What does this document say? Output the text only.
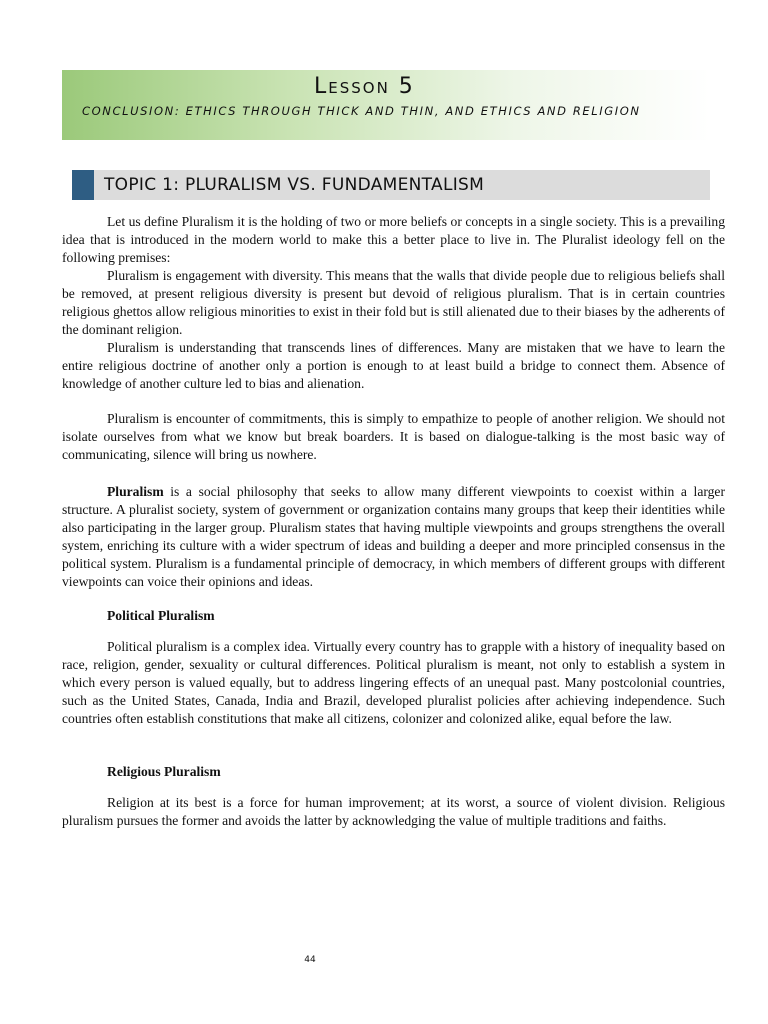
Lesson 5
CONCLUSION: ETHICS THROUGH THICK AND THIN, AND ETHICS AND RELIGION
TOPIC 1: PLURALISM VS. FUNDAMENTALISM

Let us define Pluralism it is the holding of two or more beliefs or concepts in a single society. This is a prevailing idea that is introduced in the modern world to make this a better place to live in. The Pluralist ideology fell on the following premises:

Pluralism is engagement with diversity. This means that the walls that divide people due to religious beliefs shall be removed, at present religious diversity is present but devoid of religious pluralism. That is in certain countries religious ghettos allow religious minorities to exist in their fold but is still alienated due to their biases by the adherents of the dominant religion.

Pluralism is understanding that transcends lines of differences. Many are mistaken that we have to learn the entire religious doctrine of another only a portion is enough to at least build a bridge to connect them. Absence of knowledge of another culture led to bias and alienation.

Pluralism is encounter of commitments, this is simply to empathize to people of another religion. We should not isolate ourselves from what we know but break boarders. It is based on dialogue-talking is the most basic way of communicating, silence will bring us nowhere.

Pluralism is a social philosophy that seeks to allow many different viewpoints to coexist within a larger structure. A pluralist society, system of government or organization contains many groups that keep their identities while also participating in the larger group. Pluralism states that having multiple viewpoints and groups strengthens the overall system, enriching its culture with a wider spectrum of ideas and building a deeper and more principled consensus in the political system. Pluralism is a fundamental principle of democracy, in which members of different groups with different viewpoints can voice their opinions and ideas.

Political Pluralism

Political pluralism is a complex idea. Virtually every country has to grapple with a history of inequality based on race, religion, gender, sexuality or cultural differences. Political pluralism is meant, not only to establish a system in which every person is valued equally, but to address lingering effects of an unequal past. Many postcolonial countries, such as the United States, Canada, India and Brazil, developed pluralist policies after achieving independence. Such countries often establish constitutions that make all citizens, colonizer and colonized alike, equal before the law.

Religious Pluralism

Religion at its best is a force for human improvement; at its worst, a source of violent division. Religious pluralism pursues the former and avoids the latter by acknowledging the value of multiple traditions and faiths.

44
